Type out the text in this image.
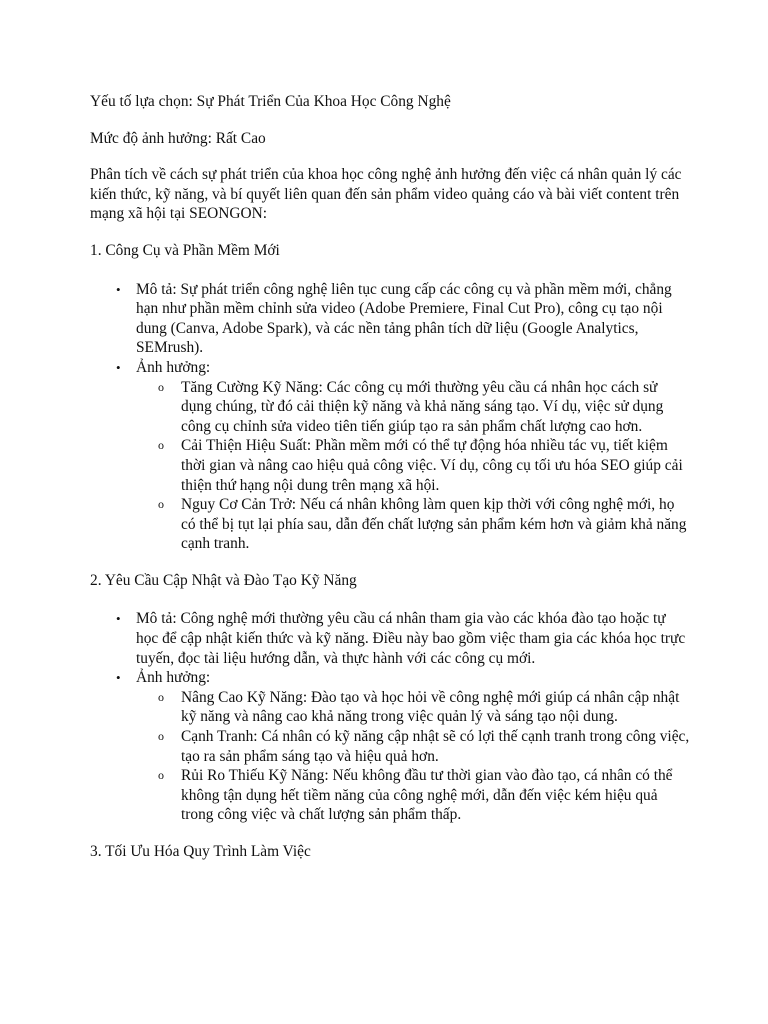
Yếu tố lựa chọn: Sự Phát Triển Của Khoa Học Công Nghệ

Mức độ ảnh hưởng: Rất Cao

Phân tích về cách sự phát triển của khoa học công nghệ ảnh hưởng đến việc cá nhân quản lý các kiến thức, kỹ năng, và bí quyết liên quan đến sản phẩm video quảng cáo và bài viết content trên mạng xã hội tại SEONGON:

1. Công Cụ và Phần Mềm Mới

• Mô tả: Sự phát triển công nghệ liên tục cung cấp các công cụ và phần mềm mới, chẳng hạn như phần mềm chỉnh sửa video (Adobe Premiere, Final Cut Pro), công cụ tạo nội dung (Canva, Adobe Spark), và các nền tảng phân tích dữ liệu (Google Analytics, SEMrush).
• Ảnh hưởng:
o Tăng Cường Kỹ Năng: Các công cụ mới thường yêu cầu cá nhân học cách sử dụng chúng, từ đó cải thiện kỹ năng và khả năng sáng tạo. Ví dụ, việc sử dụng công cụ chỉnh sửa video tiên tiến giúp tạo ra sản phẩm chất lượng cao hơn.
o Cải Thiện Hiệu Suất: Phần mềm mới có thể tự động hóa nhiều tác vụ, tiết kiệm thời gian và nâng cao hiệu quả công việc. Ví dụ, công cụ tối ưu hóa SEO giúp cải thiện thứ hạng nội dung trên mạng xã hội.
o Nguy Cơ Cản Trở: Nếu cá nhân không làm quen kịp thời với công nghệ mới, họ có thể bị tụt lại phía sau, dẫn đến chất lượng sản phẩm kém hơn và giảm khả năng cạnh tranh.

2. Yêu Cầu Cập Nhật và Đào Tạo Kỹ Năng

• Mô tả: Công nghệ mới thường yêu cầu cá nhân tham gia vào các khóa đào tạo hoặc tự học để cập nhật kiến thức và kỹ năng. Điều này bao gồm việc tham gia các khóa học trực tuyến, đọc tài liệu hướng dẫn, và thực hành với các công cụ mới.
• Ảnh hưởng:
o Nâng Cao Kỹ Năng: Đào tạo và học hỏi về công nghệ mới giúp cá nhân cập nhật kỹ năng và nâng cao khả năng trong việc quản lý và sáng tạo nội dung.
o Cạnh Tranh: Cá nhân có kỹ năng cập nhật sẽ có lợi thế cạnh tranh trong công việc, tạo ra sản phẩm sáng tạo và hiệu quả hơn.
o Rủi Ro Thiếu Kỹ Năng: Nếu không đầu tư thời gian vào đào tạo, cá nhân có thể không tận dụng hết tiềm năng của công nghệ mới, dẫn đến việc kém hiệu quả trong công việc và chất lượng sản phẩm thấp.

3. Tối Ưu Hóa Quy Trình Làm Việc
